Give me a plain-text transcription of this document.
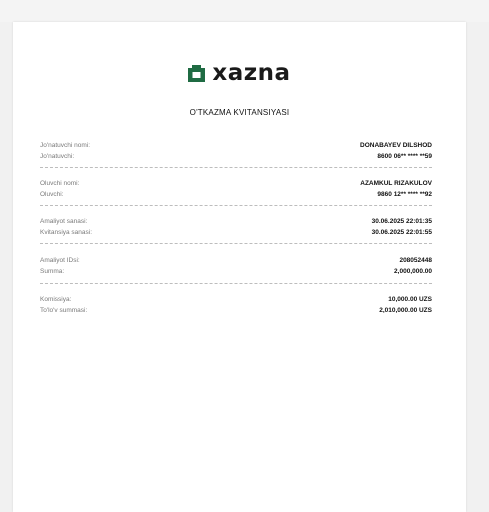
xazna
O'TKAZMA KVITANSIYASI
Jo'natuvchi nomi:	DONABAYEV DILSHOD
Jo'natuvchi:	8600 06** **** **59
Oluvchi nomi:	AZAMKUL RIZAKULOV
Oluvchi:	9860 12** **** **92
Amaliyot sanasi:	30.06.2025 22:01:35
Kvitansiya sanasi:	30.06.2025 22:01:55
Amaliyot IDsi:	208052448
Summa:	2,000,000.00
Komissiya:	10,000.00 UZS
To'lo'v summasi:	2,010,000.00 UZS
